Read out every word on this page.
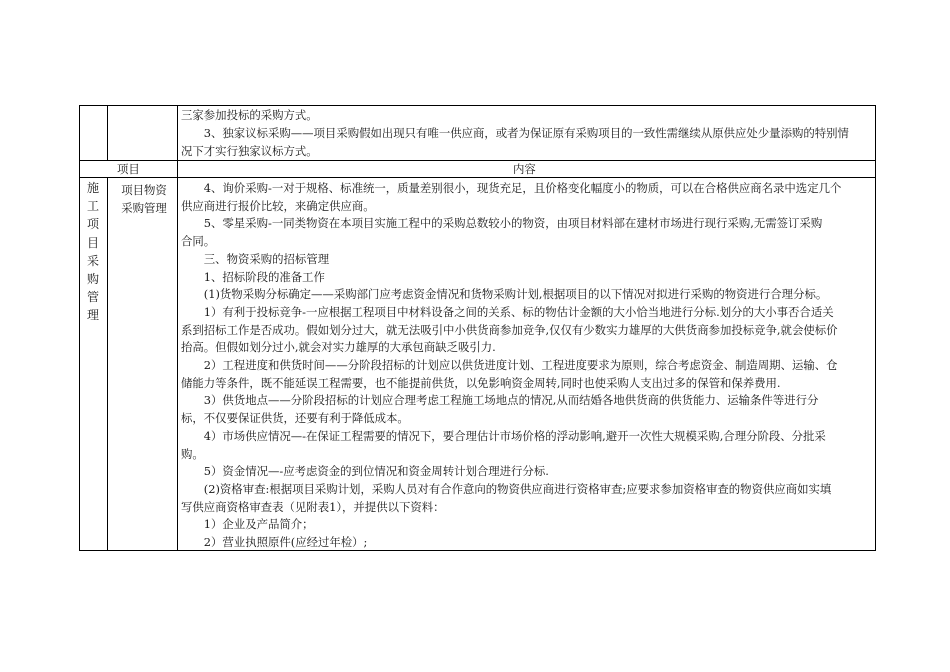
三家参加投标的采购方式。
　　3、独家议标采购——项目采购假如出现只有唯一供应商，或者为保证原有采购项目的一致性需继续从原供应处少量添购的特别情
况下才实行独家议标方式。
项目	内容
施
工
项
目
采
购
管
理
项目物资
采购管理
　　4、询价采购-一对于规格、标准统一，质量差别很小，现货充足，且价格变化幅度小的物质，可以在合格供应商名录中选定几个
供应商进行报价比较，来确定供应商。
　　5、零星采购-一同类物资在本项目实施工程中的采购总数较小的物资，由项目材料部在建材市场进行现行采购,无需签订采购
合同。
　　三、物资采购的招标管理
　　1、招标阶段的准备工作
　　(1)货物采购分标确定——采购部门应考虑资金情况和货物采购计划,根据项目的以下情况对拟进行采购的物资进行合理分标。
　　1）有利于投标竞争-一应根据工程项目中材料设备之间的关系、标的物估计金额的大小恰当地进行分标.划分的大小事否合适关
系到招标工作是否成功。假如划分过大，就无法吸引中小供货商参加竞争,仅仅有少数实力雄厚的大供货商参加投标竞争,就会使标价
抬高。但假如划分过小,就会对实力雄厚的大承包商缺乏吸引力.
　　2）工程进度和供货时间——分阶段招标的计划应以供货进度计划、工程进度要求为原则，综合考虑资金、制造周期、运输、仓
储能力等条件，既不能延误工程需要，也不能提前供货，以免影响资金周转,同时也使采购人支出过多的保管和保养费用.
　　3）供货地点——分阶段招标的计划应合理考虑工程施工场地点的情况,从而结婚各地供货商的供货能力、运输条件等进行分
标，不仅要保证供货，还要有利于降低成本。
　　4）市场供应情况—-在保证工程需要的情况下，要合理估计市场价格的浮动影响,避开一次性大规模采购,合理分阶段、分批采
购。
　　5）资金情况—-应考虑资金的到位情况和资金周转计划合理进行分标.
　　(2)资格审查:根据项目采购计划，采购人员对有合作意向的物资供应商进行资格审查;应要求参加资格审查的物资供应商如实填
写供应商资格审查表（见附表1），并提供以下资料：
　　1）企业及产品简介；
　　2）营业执照原件(应经过年检）;
